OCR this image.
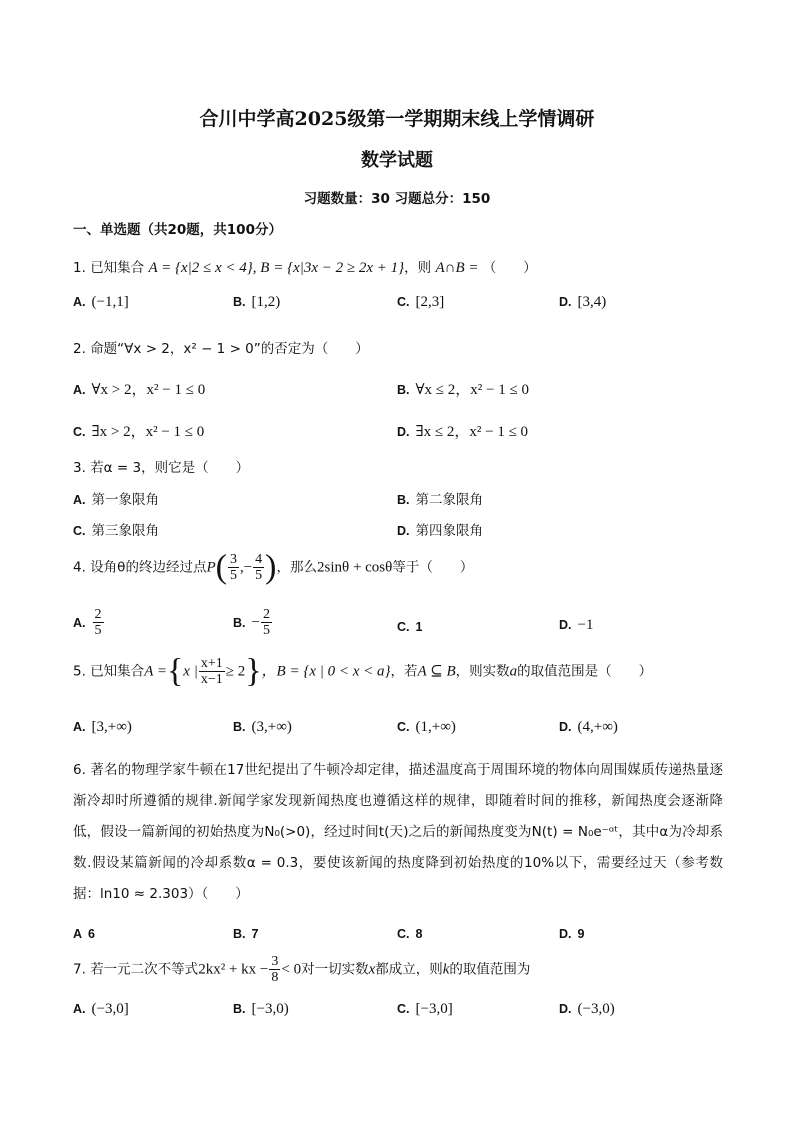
合川中学高2025级第一学期期末线上学情调研
数学试题
习题数量：30 习题总分：150
一、单选题（共20题，共100分）
1. 已知集合 A = {x|2 ≤ x < 4}, B = {x|3x − 2 ≥ 2x + 1}，则 A∩B = （　　）
A. (−1,1]	B. [1,2)	C. [2,3]	D. [3,4)
2. 命题“∀x > 2，x² − 1 > 0”的否定为（　　）
A. ∀x > 2，x² − 1 ≤ 0	B. ∀x ≤ 2，x² − 1 ≤ 0
C. ∃x > 2，x² − 1 ≤ 0	D. ∃x ≤ 2，x² − 1 ≤ 0
3. 若α = 3，则它是（　　）
A. 第一象限角	B. 第二象限角
C. 第三象限角	D. 第四象限角
4. 设角θ的终边经过点$P( \frac{3}{5}$ ,− $\frac{4}{5}$ )，那么2sinθ + cosθ等于（　　）
A. $\frac{2}{5}$	B. − $\frac{2}{5}$	C. 1	D. −1
5. 已知集合A ={x | $\frac{x+1}{x-1} \ge 2$}，B = {x | 0 < x < a}，若A ⊆ B，则实数a的取值范围是（　　）
A. [3,+∞)	B. (3,+∞)	C. (1,+∞)	D. (4,+∞)
6. 著名的物理学家牛顿在17世纪提出了牛顿冷却定律，描述温度高于周围环境的物体向周围媒质传递热量逐渐冷却时所遵循的规律.新闻学家发现新闻热度也遵循这样的规律，即随着时间的推移，新闻热度会逐渐降低，假设一篇新闻的初始热度为N₀(>0)，经过时间t(天)之后的新闻热度变为N(t) = N₀e⁻ᵅᵗ，其中α为冷却系数.假设某篇新闻的冷却系数α = 0.3，要使该新闻的热度降到初始热度的10%以下，需要经过天（参考数据：ln10 ≈ 2.303）（　　）
A 6	B. 7	C. 8	D. 9
7. 若一元二次不等式2kx² + kx − $\frac{3}{8} < 0$对一切实数x都成立，则k的取值范围为
A. (−3,0]	B. [−3,0)	C. [−3,0]	D. (−3,0)
